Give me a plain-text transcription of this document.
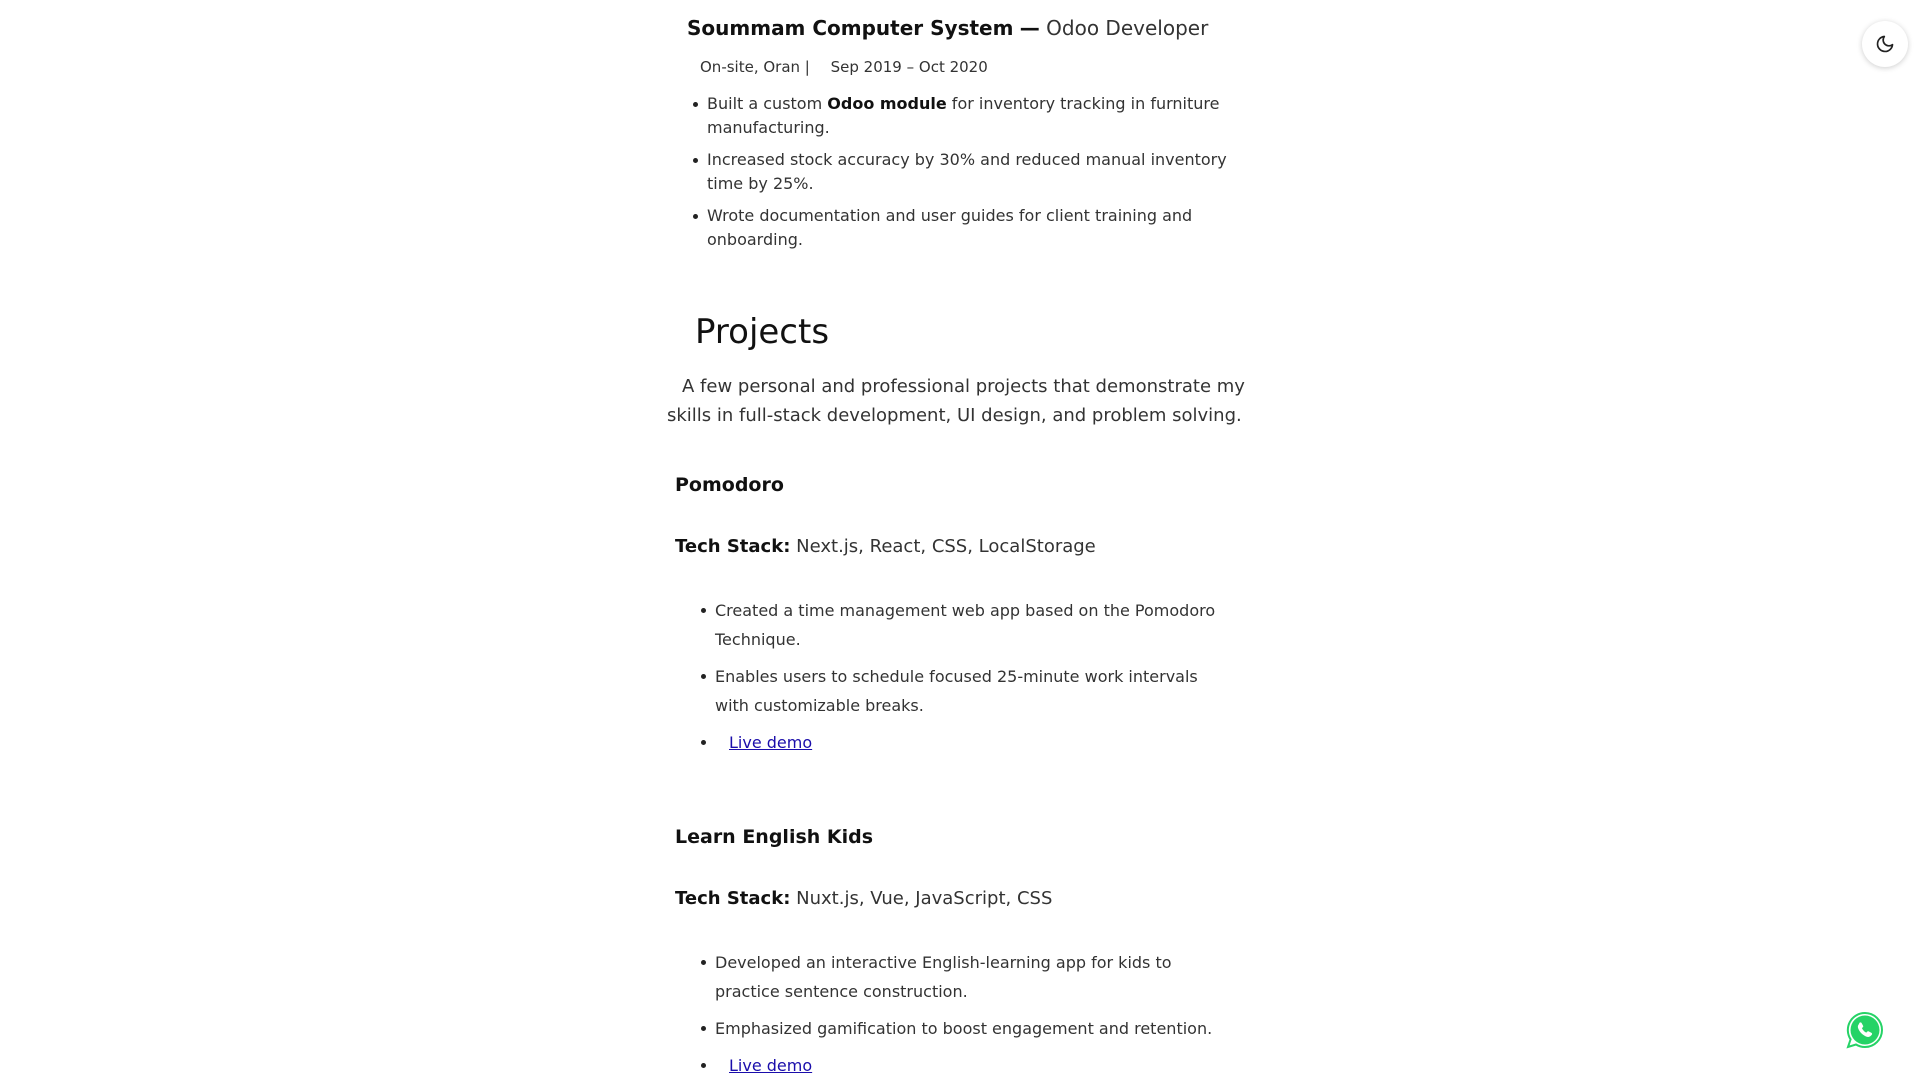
Soummam Computer System — Odoo Developer
On-site, Oran | Sep 2019 – Oct 2020
Built a custom Odoo module for inventory tracking in furniture manufacturing.
Increased stock accuracy by 30% and reduced manual inventory time by 25%.
Wrote documentation and user guides for client training and onboarding.
Projects

A few personal and professional projects that demonstrate my skills in full-stack development, UI design, and problem solving.

Pomodoro
Tech Stack: Next.js, React, CSS, LocalStorage
Created a time management web app based on the Pomodoro Technique.
Enables users to schedule focused 25-minute work intervals with customizable breaks.
Live demo
Learn English Kids
Tech Stack: Nuxt.js, Vue, JavaScript, CSS
Developed an interactive English-learning app for kids to practice sentence construction.
Emphasized gamification to boost engagement and retention.
Live demo
